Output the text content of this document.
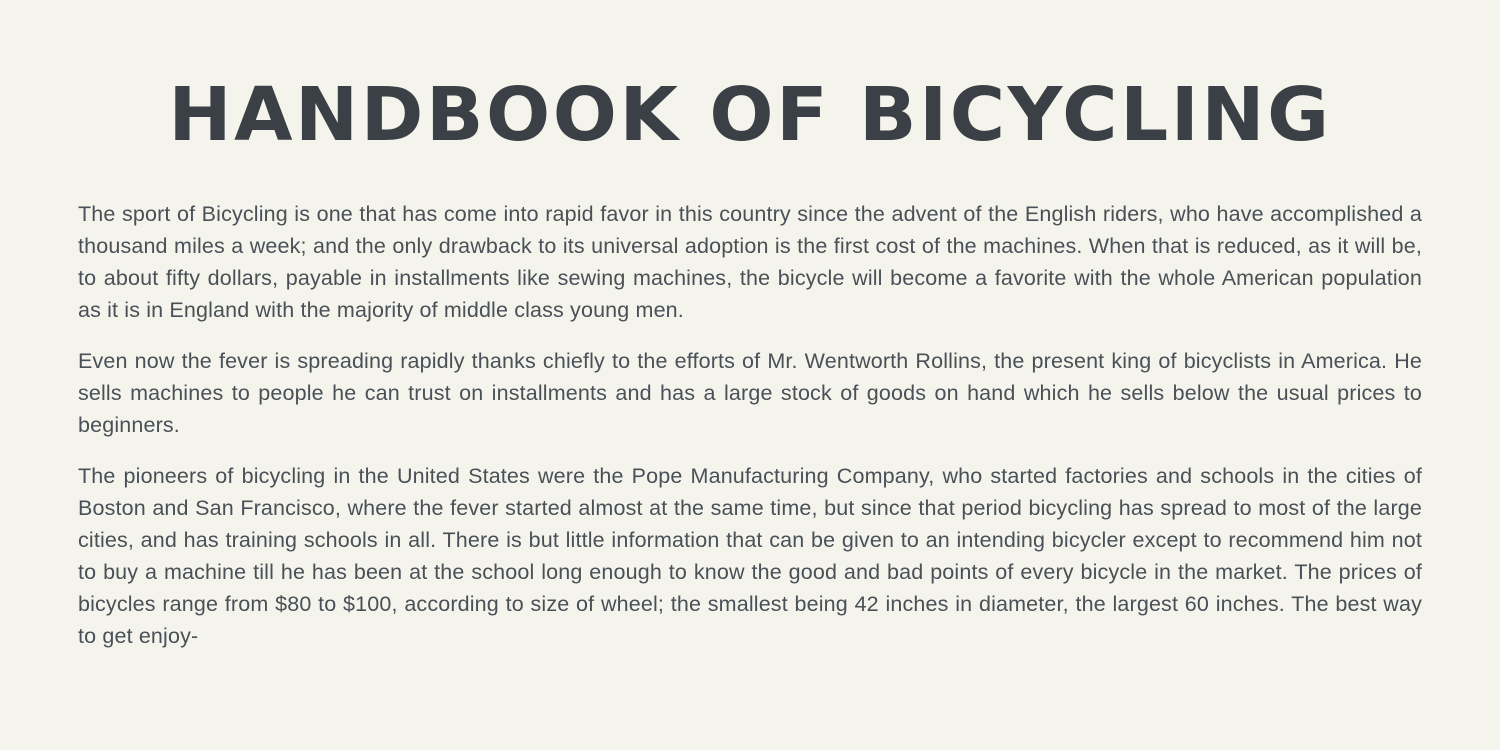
HANDBOOK OF BICYCLING

The sport of Bicycling is one that has come into rapid favor in this country since the advent of the English riders, who have accomplished a thousand miles a week; and the only drawback to its universal adoption is the first cost of the machines. When that is reduced, as it will be, to about fifty dollars, payable in installments like sewing machines, the bicycle will become a favorite with the whole American population as it is in England with the majority of middle class young men.

Even now the fever is spreading rapidly thanks chiefly to the efforts of Mr. Wentworth Rollins, the present king of bicyclists in America. He sells machines to people he can trust on installments and has a large stock of goods on hand which he sells below the usual prices to beginners.

The pioneers of bicycling in the United States were the Pope Manufacturing Company, who started factories and schools in the cities of Boston and San Francisco, where the fever started almost at the same time, but since that period bicycling has spread to most of the large cities, and has training schools in all. There is but little information that can be given to an intending bicycler except to recommend him not to buy a machine till he has been at the school long enough to know the good and bad points of every bicycle in the market. The prices of bicycles range from $80 to $100, according to size of wheel; the smallest being 42 inches in diameter, the largest 60 inches. The best way to get enjoy-
